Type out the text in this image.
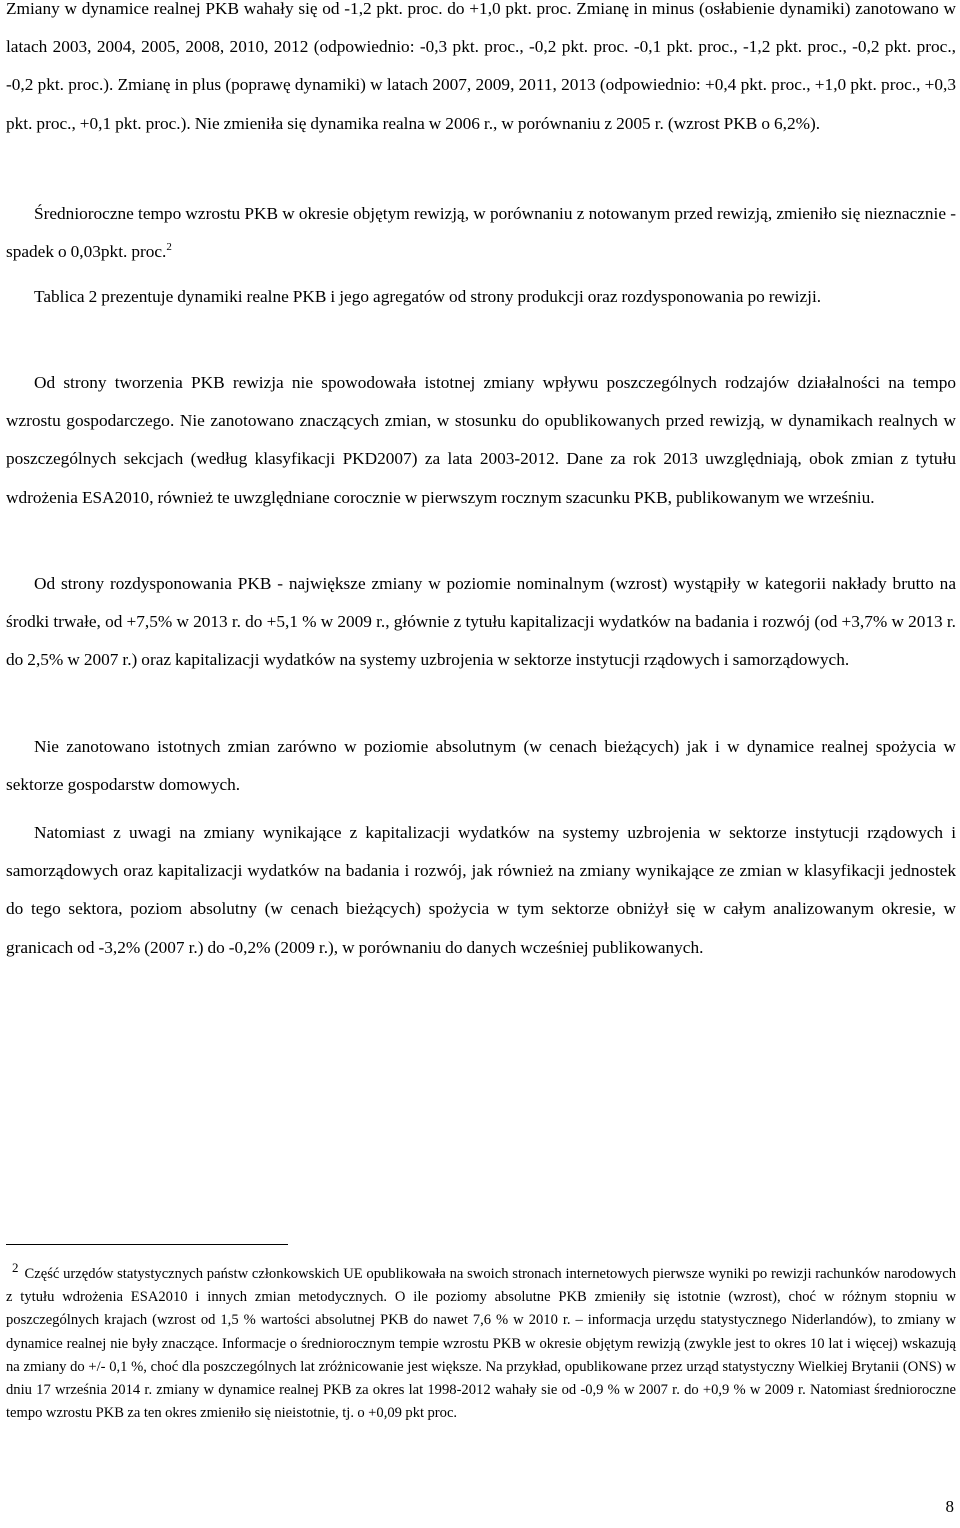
Zmiany w dynamice realnej PKB wahały się od -1,2 pkt. proc. do +1,0 pkt. proc. Zmianę in minus (osłabienie dynamiki) zanotowano w latach 2003, 2004, 2005, 2008, 2010, 2012 (odpowiednio: -0,3 pkt. proc., -0,2 pkt. proc. -0,1 pkt. proc., -1,2 pkt. proc., -0,2 pkt. proc., -0,2 pkt. proc.). Zmianę in plus (poprawę dynamiki) w latach 2007, 2009, 2011, 2013 (odpowiednio: +0,4 pkt. proc., +1,0 pkt. proc., +0,3 pkt. proc., +0,1 pkt. proc.). Nie zmieniła się dynamika realna w 2006 r., w porównaniu z 2005 r. (wzrost PKB o 6,2%).

Średnioroczne tempo wzrostu PKB w okresie objętym rewizją, w porównaniu z notowanym przed rewizją, zmieniło się nieznacznie - spadek o 0,03pkt. proc.$^2$

Tablica 2 prezentuje dynamiki realne PKB i jego agregatów od strony produkcji oraz rozdysponowania po rewizji.

Od strony tworzenia PKB rewizja nie spowodowała istotnej zmiany wpływu poszczególnych rodzajów działalności na tempo wzrostu gospodarczego. Nie zanotowano znaczących zmian, w stosunku do opublikowanych przed rewizją, w dynamikach realnych w poszczególnych sekcjach (według klasyfikacji PKD2007) za lata 2003-2012. Dane za rok 2013 uwzględniają, obok zmian z tytułu wdrożenia ESA2010, również te uwzględniane corocznie w pierwszym rocznym szacunku PKB, publikowanym we wrześniu.

Od strony rozdysponowania PKB - największe zmiany w poziomie nominalnym (wzrost) wystąpiły w kategorii nakłady brutto na środki trwałe, od +7,5% w 2013 r. do +5,1 % w 2009 r., głównie z tytułu kapitalizacji wydatków na badania i rozwój (od +3,7% w 2013 r. do 2,5% w 2007 r.) oraz kapitalizacji wydatków na systemy uzbrojenia w sektorze instytucji rządowych i samorządowych.

Nie zanotowano istotnych zmian zarówno w poziomie absolutnym (w cenach bieżących) jak i w dynamice realnej spożycia w sektorze gospodarstw domowych.

Natomiast z uwagi na zmiany wynikające z kapitalizacji wydatków na systemy uzbrojenia w sektorze instytucji rządowych i samorządowych oraz kapitalizacji wydatków na badania i rozwój, jak również na zmiany wynikające ze zmian w klasyfikacji jednostek do tego sektora, poziom absolutny (w cenach bieżących) spożycia w tym sektorze obniżył się w całym analizowanym okresie, w granicach od -3,2% (2007 r.) do -0,2% (2009 r.), w porównaniu do danych wcześniej publikowanych.

2 Część urzędów statystycznych państw członkowskich UE opublikowała na swoich stronach internetowych pierwsze wyniki po rewizji rachunków narodowych z tytułu wdrożenia ESA2010 i innych zmian metodycznych. O ile poziomy absolutne PKB zmieniły się istotnie (wzrost), choć w różnym stopniu w poszczególnych krajach (wzrost od 1,5 % wartości absolutnej PKB do nawet 7,6 % w 2010 r. – informacja urzędu statystycznego Niderlandów), to zmiany w dynamice realnej nie były znaczące. Informacje o średniorocznym tempie wzrostu PKB w okresie objętym rewizją (zwykle jest to okres 10 lat i więcej) wskazują na zmiany do +/- 0,1 %, choć dla poszczególnych lat zróżnicowanie jest większe. Na przykład, opublikowane przez urząd statystyczny Wielkiej Brytanii (ONS) w dniu 17 września 2014 r. zmiany w dynamice realnej PKB za okres lat 1998-2012 wahały sie od -0,9 % w 2007 r. do +0,9 % w 2009 r. Natomiast średnioroczne tempo wzrostu PKB za ten okres zmieniło się nieistotnie, tj. o +0,09 pkt proc.

8
